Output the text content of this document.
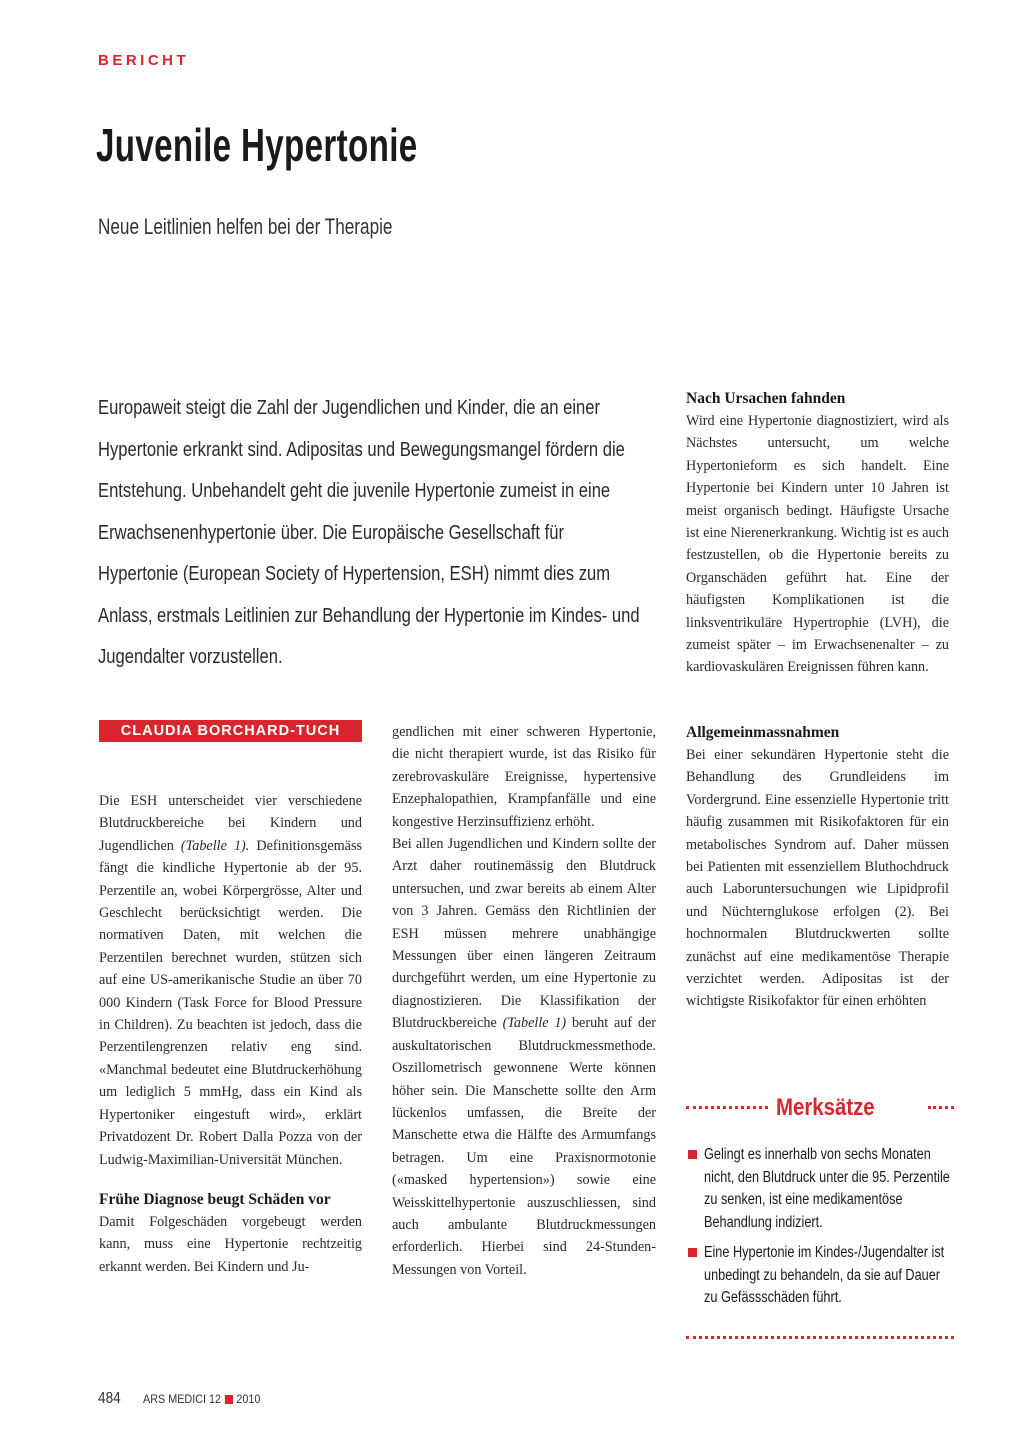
BERICHT
Juvenile Hypertonie
Neue Leitlinien helfen bei der Therapie

Europaweit steigt die Zahl der Jugendlichen und Kinder, die an einer Hypertonie erkrankt sind. Adipositas und Bewegungsmangel fördern die Entstehung. Unbehandelt geht die juvenile Hypertonie zumeist in eine Erwachsenenhypertonie über. Die Europäische Gesellschaft für Hypertonie (European Society of Hypertension, ESH) nimmt dies zum Anlass, erstmals Leitlinien zur Behandlung der Hypertonie im Kindes- und Jugendalter vorzustellen.

CLAUDIA BORCHARD-TUCH

Die ESH unterscheidet vier verschiedene Blutdruckbereiche bei Kindern und Jugendlichen (Tabelle 1). Definitionsgemäss fängt die kindliche Hypertonie ab der 95. Perzentile an, wobei Körpergrösse, Alter und Geschlecht berücksichtigt werden. Die normativen Daten, mit welchen die Perzentilen berechnet wurden, stützen sich auf eine US-amerikanische Studie an über 70 000 Kindern (Task Force for Blood Pressure in Children). Zu beachten ist jedoch, dass die Perzentilengrenzen relativ eng sind. «Manchmal bedeutet eine Blutdruckerhöhung um lediglich 5 mmHg, dass ein Kind als Hypertoniker eingestuft wird», erklärt Privatdozent Dr. Robert Dalla Pozza von der Ludwig-Maximilian-Universität München.

Frühe Diagnose beugt Schäden vor

Damit Folgeschäden vorgebeugt werden kann, muss eine Hypertonie rechtzeitig erkannt werden. Bei Kindern und Ju-

gendlichen mit einer schweren Hypertonie, die nicht therapiert wurde, ist das Risiko für zerebrovaskuläre Ereignisse, hypertensive Enzephalopathien, Krampfanfälle und eine kongestive Herzinsuffizienz erhöht.

Bei allen Jugendlichen und Kindern sollte der Arzt daher routinemässig den Blutdruck untersuchen, und zwar bereits ab einem Alter von 3 Jahren. Gemäss den Richtlinien der ESH müssen mehrere unabhängige Messungen über einen längeren Zeitraum durchgeführt werden, um eine Hypertonie zu diagnostizieren. Die Klassifikation der Blutdruckbereiche (Tabelle 1) beruht auf der auskultatorischen Blutdruckmessmethode. Oszillometrisch gewonnene Werte können höher sein. Die Manschette sollte den Arm lückenlos umfassen, die Breite der Manschette etwa die Hälfte des Armumfangs betragen. Um eine Praxisnormotonie («masked hypertension») sowie eine Weisskittelhypertonie auszuschliessen, sind auch ambulante Blutdruckmessungen erforderlich. Hierbei sind 24-Stunden-Messungen von Vorteil.

Nach Ursachen fahnden

Wird eine Hypertonie diagnostiziert, wird als Nächstes untersucht, um welche Hypertonieform es sich handelt. Eine Hypertonie bei Kindern unter 10 Jahren ist meist organisch bedingt. Häufigste Ursache ist eine Nierenerkrankung. Wichtig ist es auch festzustellen, ob die Hypertonie bereits zu Organschäden geführt hat. Eine der häufigsten Komplikationen ist die linksventrikuläre Hypertrophie (LVH), die zumeist später – im Erwachsenenalter – zu kardiovaskulären Ereignissen führen kann.

Allgemeinmassnahmen

Bei einer sekundären Hypertonie steht die Behandlung des Grundleidens im Vordergrund. Eine essenzielle Hypertonie tritt häufig zusammen mit Risikofaktoren für ein metabolisches Syndrom auf. Daher müssen bei Patienten mit essenziellem Bluthochdruck auch Laboruntersuchungen wie Lipidprofil und Nüchternglukose erfolgen (2). Bei hochnormalen Blutdruckwerten sollte zunächst auf eine medikamentöse Therapie verzichtet werden. Adipositas ist der wichtigste Risikofaktor für einen erhöhten

Merksätze
Gelingt es innerhalb von sechs Monaten nicht, den Blutdruck unter die 95. Perzentile zu senken, ist eine medikamentöse Behandlung indiziert.
Eine Hypertonie im Kindes-/Jugendalter ist unbedingt zu behandeln, da sie auf Dauer zu Gefässschäden führt.
484 ARS MEDICI 12 2010
